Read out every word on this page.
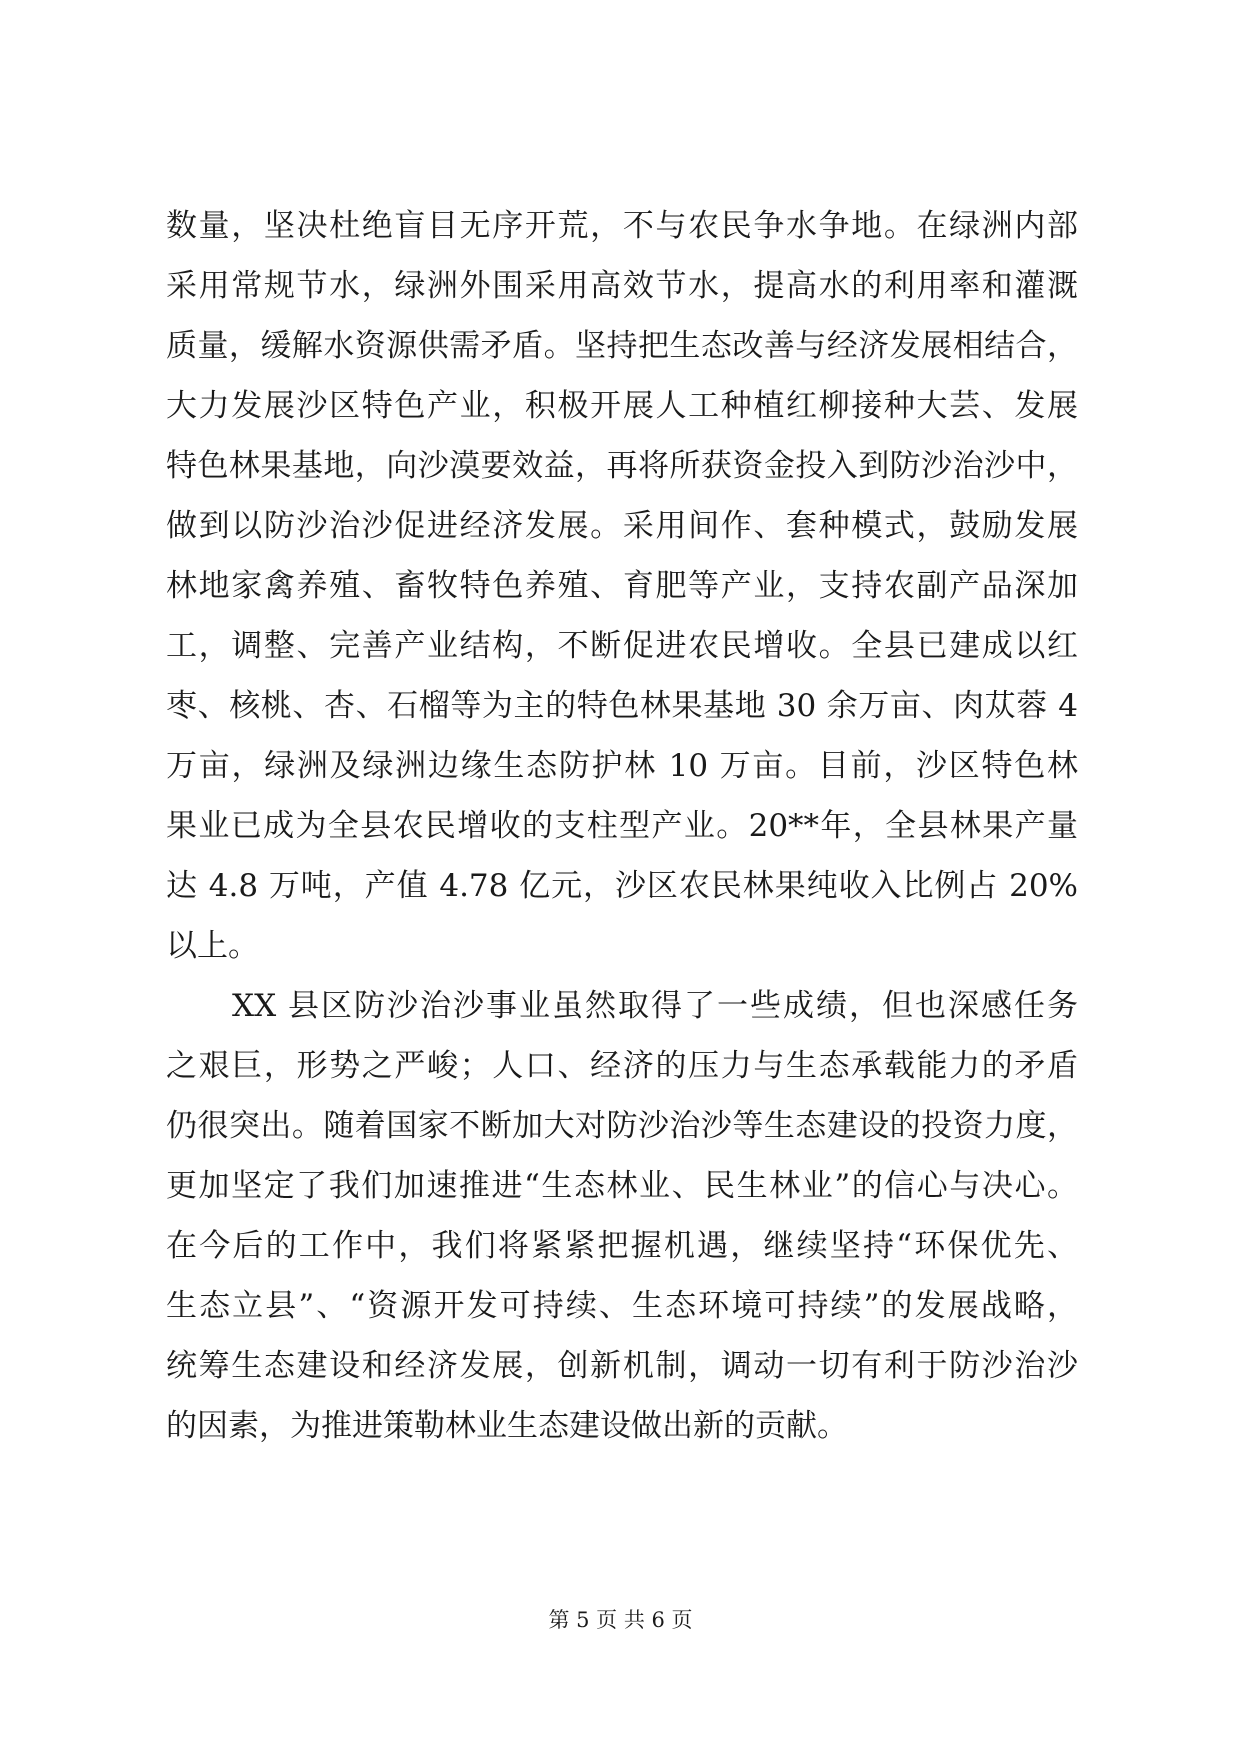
数量，坚决杜绝盲目无序开荒，不与农民争水争地。在绿洲内部
采用常规节水，绿洲外围采用高效节水，提高水的利用率和灌溉
质量，缓解水资源供需矛盾。坚持把生态改善与经济发展相结合，
大力发展沙区特色产业，积极开展人工种植红柳接种大芸、发展
特色林果基地，向沙漠要效益，再将所获资金投入到防沙治沙中，
做到以防沙治沙促进经济发展。采用间作、套种模式，鼓励发展
林地家禽养殖、畜牧特色养殖、育肥等产业，支持农副产品深加
工，调整、完善产业结构，不断促进农民增收。全县已建成以红
枣、核桃、杏、石榴等为主的特色林果基地 30 余万亩、肉苁蓉 4
万亩，绿洲及绿洲边缘生态防护林 10 万亩。目前，沙区特色林
果业已成为全县农民增收的支柱型产业。20**年，全县林果产量
达 4.8 万吨，产值 4.78 亿元，沙区农民林果纯收入比例占 20%
以上。
　　XX 县区防沙治沙事业虽然取得了一些成绩，但也深感任务
之艰巨，形势之严峻；人口、经济的压力与生态承载能力的矛盾
仍很突出。随着国家不断加大对防沙治沙等生态建设的投资力度，
更加坚定了我们加速推进“生态林业、民生林业”的信心与决心。
在今后的工作中，我们将紧紧把握机遇，继续坚持“环保优先、
生态立县”、“资源开发可持续、生态环境可持续”的发展战略，
统筹生态建设和经济发展，创新机制，调动一切有利于防沙治沙
的因素，为推进策勒林业生态建设做出新的贡献。
第 5 页 共 6 页
